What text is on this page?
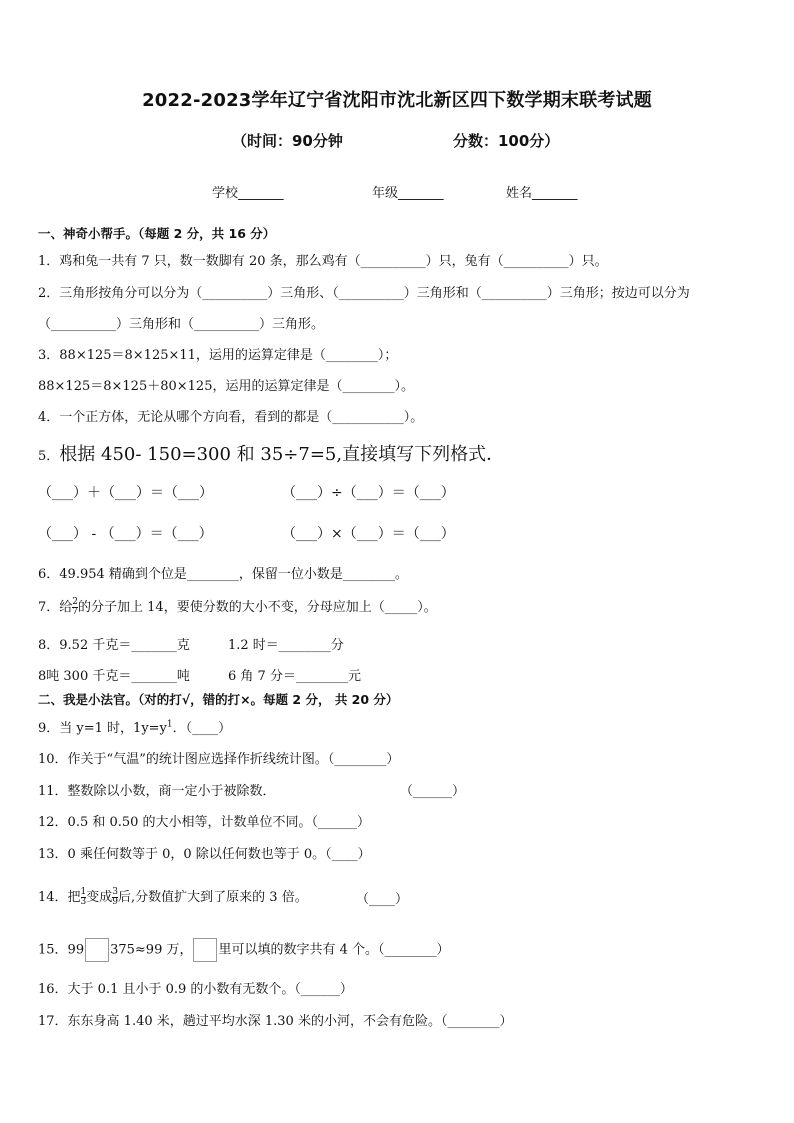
2022-2023学年辽宁省沈阳市沈北新区四下数学期末联考试题
（时间：90分钟	分数：100分）
学校_______	年级_______	姓名_______
一、神奇小帮手。（每题 2 分，共 16 分）
1．鸡和兔一共有 7 只，数一数脚有 20 条，那么鸡有（__________）只，兔有（__________）只。
2．三角形按角分可以分为（__________）三角形、（__________）三角形和（__________）三角形；按边可以分为
（__________）三角形和（__________）三角形。
3．88×125＝8×125×11，运用的运算定律是（________）；
88×125＝8×125＋80×125，运用的运算定律是（________）。
4．一个正方体，无论从哪个方向看，看到的都是（___________）。
5．根据 450- 150=300 和 35÷7=5,直接填写下列格式．
（___）＋（___）＝（___）	（___）÷（___）＝（___）
（___） - （___）＝（___）	（___）×（___）＝（___）
6．49.954 精确到个位是________，保留一位小数是________。
7．给 $\frac{2}{7}$ 的分子加上 14，要使分数的大小不变，分母应加上（_____）。
8．9.52 千克＝_______克	1.2 时＝________分
8吨 300 千克＝_______吨	6 角 7 分＝________元
二、我是小法官。（对的打√，错的打×。每题 2 分， 共 20 分）
9．当 y=1 时，$1y=y^1$．（____）
10．作关于“气温”的统计图应选择作折线统计图。（________）
11．整数除以小数，商一定小于被除数．	（______）
12．0.5 和 0.50 的大小相等，计数单位不同。（______）
13．0 乘任何数等于 0，0 除以任何数也等于 0。（____）
14．把 $\frac{1}{3}$ 变成 $\frac{3}{9}$ 后,分数值扩大到了原来的 3 倍。	（____）
15．99 375≈99 万， 里可以填的数字共有 4 个。（________）
16．大于 0.1 且小于 0.9 的小数有无数个。（______）
17．东东身高 1.40 米，趟过平均水深 1.30 米的小河，不会有危险。（________）
